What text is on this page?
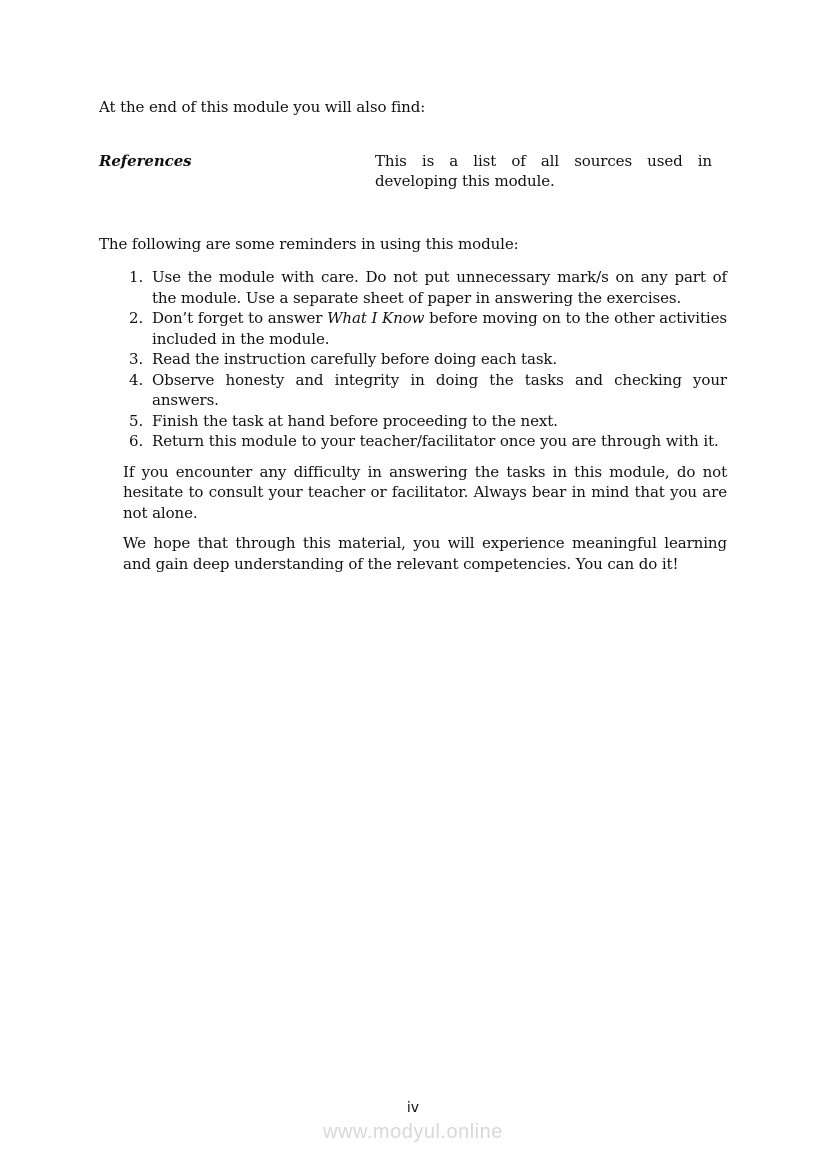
At the end of this module you will also find:

References	This is a list of all sources used in developing this module.

The following are some reminders in using this module:

1. Use the module with care. Do not put unnecessary mark/s on any part of the module. Use a separate sheet of paper in answering the exercises.
2. Don’t forget to answer What I Know before moving on to the other activities included in the module.
3. Read the instruction carefully before doing each task.
4. Observe honesty and integrity in doing the tasks and checking your answers.
5. Finish the task at hand before proceeding to the next.
6. Return this module to your teacher/facilitator once you are through with it.

If you encounter any difficulty in answering the tasks in this module, do not hesitate to consult your teacher or facilitator. Always bear in mind that you are not alone.

We hope that through this material, you will experience meaningful learning and gain deep understanding of the relevant competencies. You can do it!

iv
www.modyul.online
